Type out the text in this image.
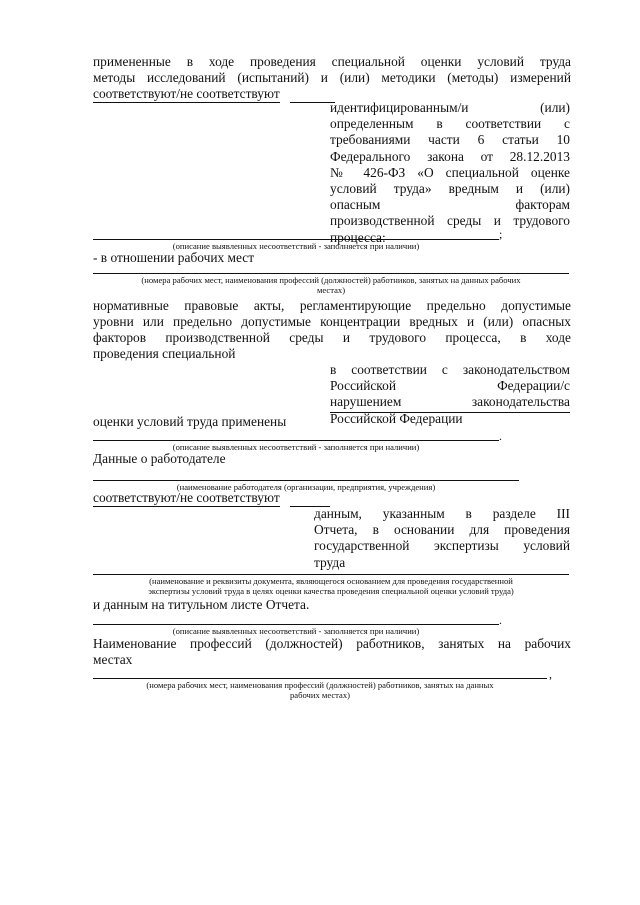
примененные в ходе проведения специальной оценки условий труда

методы исследований (испытаний) и (или) методики (методы) измерений

соответствуют/не соответствуют

идентифицированным/и (или)

определенным в соответствии с

требованиями части 6 статьи 10

Федерального закона от 28.12.2013

№ 426-ФЗ «О специальной оценке

условий труда» вредным и (или)

опасным факторам

производственной среды и трудового

процесса:	;

(описание выявленных несоответствий - заполняется при наличии)

- в отношении рабочих мест

(номера рабочих мест, наименования профессий (должностей) работников, занятых на данных рабочих

местах)

нормативные правовые акты, регламентирующие предельно допустимые

уровни или предельно допустимые концентрации вредных и (или) опасных

факторов производственной среды и трудового процесса, в ходе

проведения специальной

в соответствии с законодательством

Российской Федерации/с

нарушением законодательства

Российской Федерации

оценки условий труда применены

.

(описание выявленных несоответствий - заполняется при наличии)

Данные о работодателе

(наименование работодателя (организации, предприятия, учреждения)

соответствуют/не соответствуют

данным, указанным в разделе III

Отчета, в основании для проведения

государственной экспертизы условий

труда

(наименование и реквизиты документа, являющегося основанием для проведения государственной

экспертизы условий труда в целях оценки качества проведения специальной оценки условий труда)

и данным на титульном листе Отчета.

.

(описание выявленных несоответствий - заполняется при наличии)

Наименование профессий (должностей) работников, занятых на рабочих

местах

,

(номера рабочих мест, наименования профессий (должностей) работников, занятых на данных

рабочих местах)
